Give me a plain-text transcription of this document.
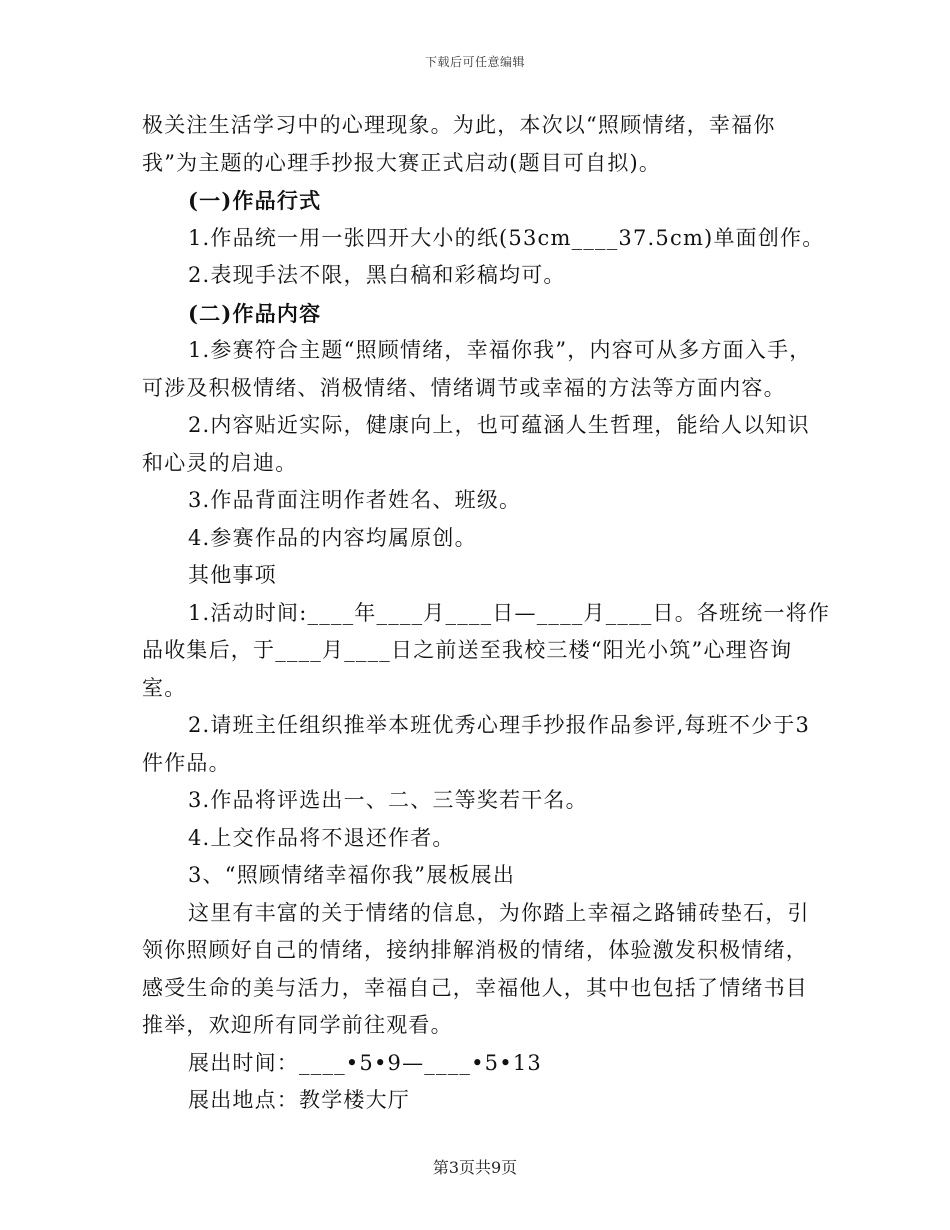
下载后可任意编辑
极关注生活学习中的心理现象。为此，本次以“照顾情绪，幸福你
我”为主题的心理手抄报大赛正式启动(题目可自拟)。
(一)作品行式
1.作品统一用一张四开大小的纸(53cm____37.5cm)单面创作。
2.表现手法不限，黑白稿和彩稿均可。
(二)作品内容
1.参赛符合主题“照顾情绪，幸福你我”，内容可从多方面入手，
可涉及积极情绪、消极情绪、情绪调节或幸福的方法等方面内容。
2.内容贴近实际，健康向上，也可蕴涵人生哲理，能给人以知识
和心灵的启迪。
3.作品背面注明作者姓名、班级。
4.参赛作品的内容均属原创。
其他事项
1.活动时间:____年____月____日—____月____日。各班统一将作
品收集后，于____月____日之前送至我校三楼“阳光小筑”心理咨询
室。
2.请班主任组织推举本班优秀心理手抄报作品参评,每班不少于3
件作品。
3.作品将评选出一、二、三等奖若干名。
4.上交作品将不退还作者。
3、“照顾情绪幸福你我”展板展出
这里有丰富的关于情绪的信息，为你踏上幸福之路铺砖垫石，引
领你照顾好自己的情绪，接纳排解消极的情绪，体验激发积极情绪，
感受生命的美与活力，幸福自己，幸福他人，其中也包括了情绪书目
推举，欢迎所有同学前往观看。
展出时间：____•5•9—____•5•13
展出地点：教学楼大厅
第3页共9页
